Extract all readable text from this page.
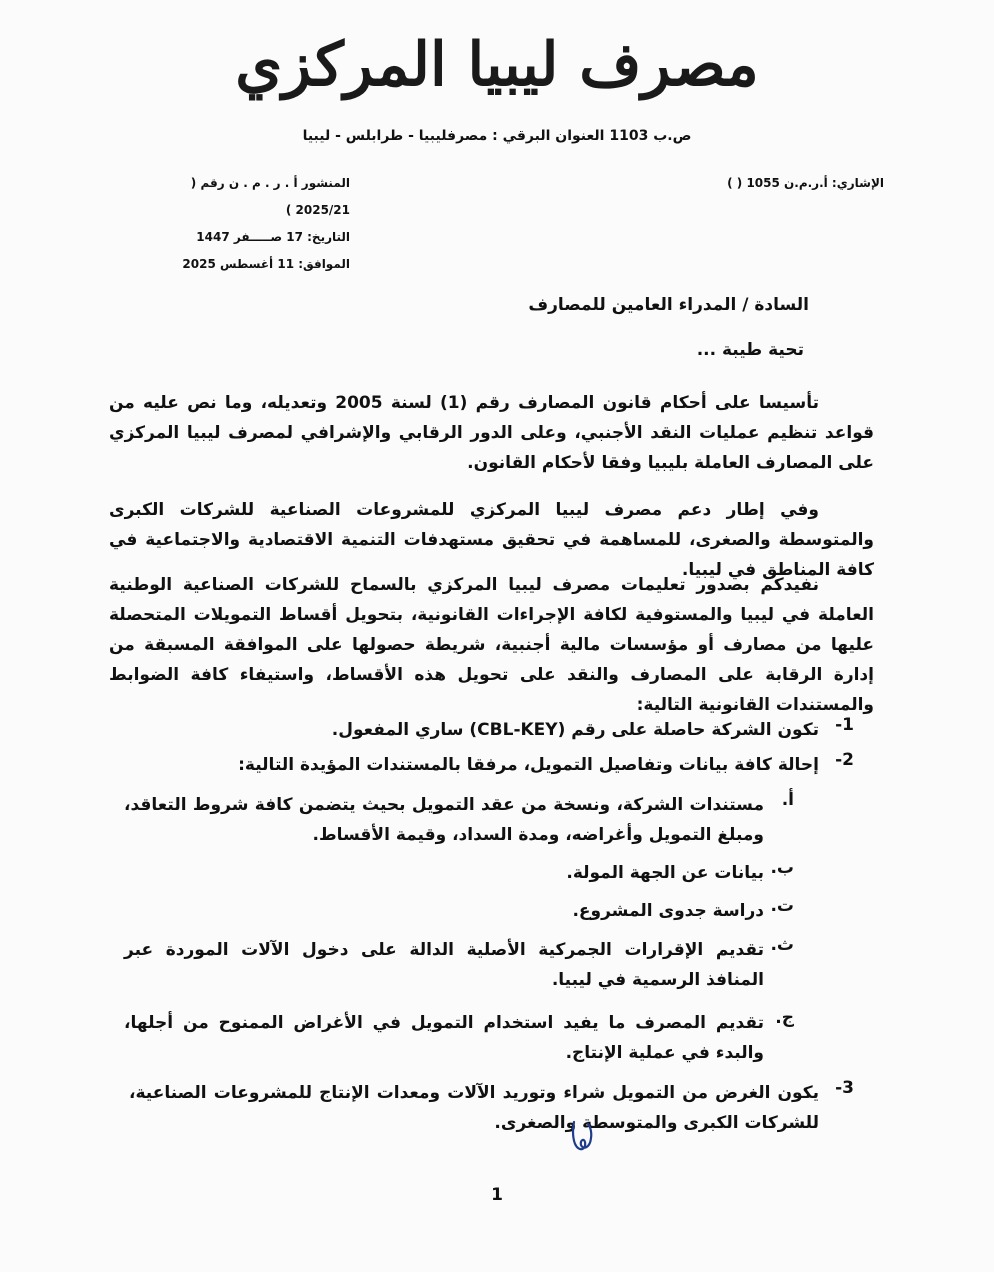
مصرف ليبيا المركزي
ص.ب 1103 العنوان البرقي : مصرفليبيا - طرابلس - ليبيا
الإشاري: أ.ر.م.ن 1055 ( )
المنشور أ . ر . م . ن رقم ( 2025/21 )
التاريخ: 17 صـــــفر 1447
الموافق: 11 أغسطس 2025
السادة / المدراء العامين للمصارف
تحية طيبة ...

تأسيسا على أحكام قانون المصارف رقم (1) لسنة 2005 وتعديله، وما نص عليه من قواعد تنظيم عمليات النقد الأجنبي، وعلى الدور الرقابي والإشرافي لمصرف ليبيا المركزي على المصارف العاملة بليبيا وفقا لأحكام القانون.

وفي إطار دعم مصرف ليبيا المركزي للمشروعات الصناعية للشركات الكبرى والمتوسطة والصغرى، للمساهمة في تحقيق مستهدفات التنمية الاقتصادية والاجتماعية في كافة المناطق في ليبيا.

نفيدكم بصدور تعليمات مصرف ليبيا المركزي بالسماح للشركات الصناعية الوطنية العاملة في ليبيا والمستوفية لكافة الإجراءات القانونية، بتحويل أقساط التمويلات المتحصلة عليها من مصارف أو مؤسسات مالية أجنبية، شريطة حصولها على الموافقة المسبقة من إدارة الرقابة على المصارف والنقد على تحويل هذه الأقساط، واستيفاء كافة الضوابط والمستندات القانونية التالية:

1-
تكون الشركة حاصلة على رقم (CBL-KEY) ساري المفعول.
2-
إحالة كافة بيانات وتفاصيل التمويل، مرفقا بالمستندات المؤيدة التالية:
أ.
مستندات الشركة، ونسخة من عقد التمويل بحيث يتضمن كافة شروط التعاقد، ومبلغ التمويل وأغراضه، ومدة السداد، وقيمة الأقساط.
ب.
بيانات عن الجهة المولة.
ت.
دراسة جدوى المشروع.
ث.
تقديم الإقرارات الجمركية الأصلية الدالة على دخول الآلات الموردة عبر المنافذ الرسمية في ليبيا.
ج.
تقديم المصرف ما يفيد استخدام التمويل في الأغراض الممنوح من أجلها، والبدء في عملية الإنتاج.
3-
يكون الغرض من التمويل شراء وتوريد الآلات ومعدات الإنتاج للمشروعات الصناعية، للشركات الكبرى والمتوسطة والصغرى.
1
